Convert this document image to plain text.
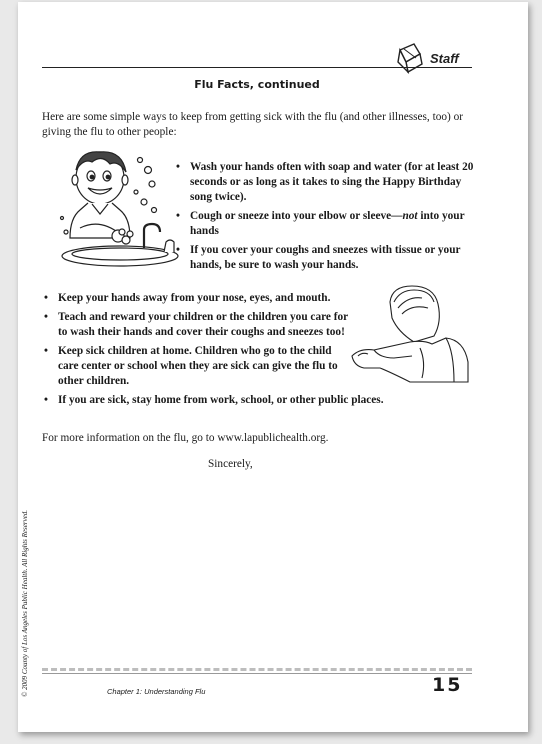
Staff
Flu Facts, continued
Here are some simple ways to keep from getting sick with the flu (and other illnesses, too) or giving the flu to other people:
• Wash your hands often with soap and water (for at least 20 seconds or as long as it takes to sing the Happy Birthday song twice).
• Cough or sneeze into your elbow or sleeve—not into your hands
• If you cover your coughs and sneezes with tissue or your hands, be sure to wash your hands.
• Keep your hands away from your nose, eyes, and mouth.
• Teach and reward your children or the children you care for to wash their hands and cover their coughs and sneezes too!
• Keep sick children at home. Children who go to the child care center or school when they are sick can give the flu to other children.
• If you are sick, stay home from work, school, or other public places.
For more information on the flu, go to www.lapublichealth.org.
Sincerely,
© 2009 County of Los Angeles Public Health. All Rights Reserved.	Chapter 1: Understanding Flu	15
